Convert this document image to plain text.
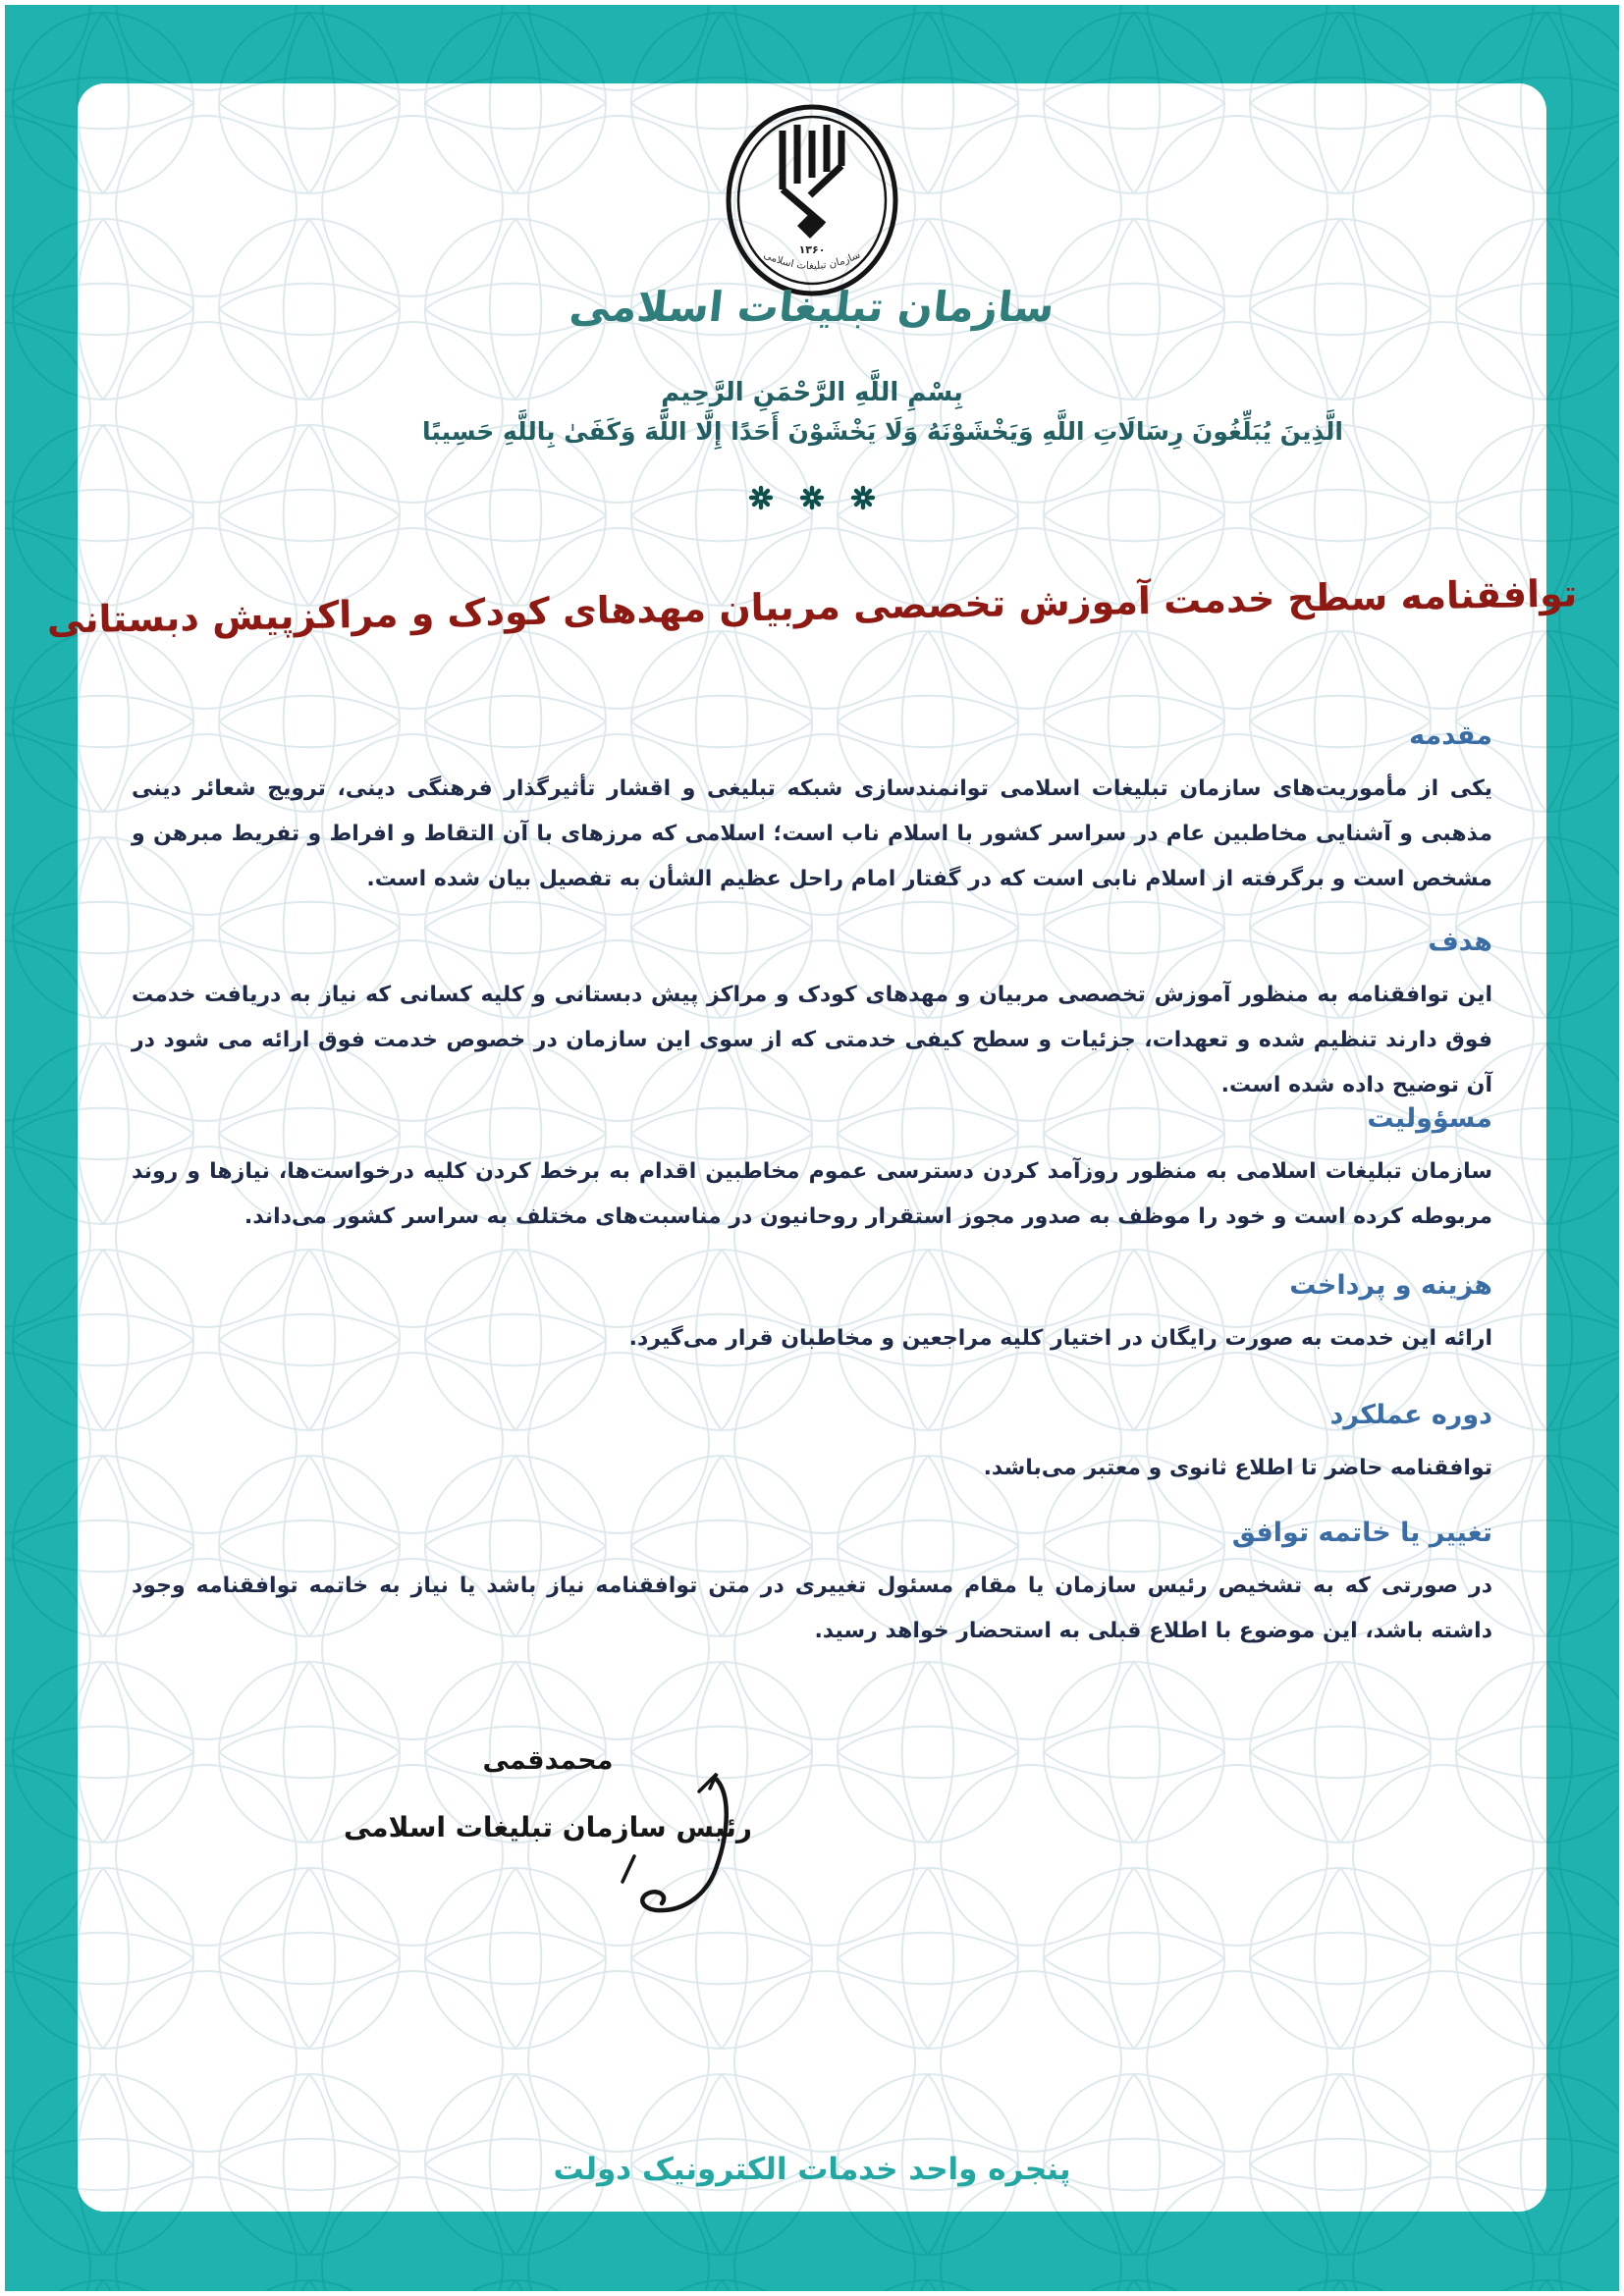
۱۳۶۰
سازمان تبلیغات اسلامی
سازمان تبلیغات اسلامی
بِسْمِ اللَّهِ الرَّحْمَنِ الرَّحِيمِ
الَّذِينَ يُبَلِّغُونَ رِسَالَاتِ اللَّهِ وَيَخْشَوْنَهُ وَلَا يَخْشَوْنَ أَحَدًا إِلَّا اللَّهَ وَكَفَىٰ بِاللَّهِ حَسِيبًا
توافقنامه سطح خدمت آموزش تخصصی مربیان مهدهای کودک و مراکزپیش دبستانی
مقدمه

یکی از مأموریت‌های سازمان تبلیغات اسلامی توانمندسازی شبکه تبلیغی و اقشار تأثیرگذار فرهنگی دینی، ترویج شعائر دینی مذهبی و آشنایی مخاطبین عام در سراسر کشور با اسلام ناب است؛ اسلامی که مرزهای با آن التقاط و افراط و تفریط مبرهن و مشخص است و برگرفته از اسلام نابی است که در گفتار امام راحل عظیم الشأن به تفصیل بیان شده است.

هدف

این توافقنامه به منظور آموزش تخصصی مربیان و مهدهای کودک و مراکز پیش دبستانی و کلیه کسانی که نیاز به دریافت خدمت فوق دارند تنظیم شده و تعهدات، جزئیات و سطح کیفی خدمتی که از سوی این سازمان در خصوص خدمت فوق ارائه می شود در آن توضیح داده شده است.

مسؤولیت

سازمان تبلیغات اسلامی به منظور روزآمد کردن دسترسی عموم مخاطبین اقدام به برخط کردن کلیه درخواست‌ها، نیازها و روند مربوطه کرده است و خود را موظف به صدور مجوز استقرار روحانیون در مناسبت‌های مختلف به سراسر کشور می‌داند.

هزینه و پرداخت

ارائه این خدمت به صورت رایگان در اختیار کلیه مراجعین و مخاطبان قرار می‌گیرد.

دوره عملکرد

توافقنامه حاضر تا اطلاع ثانوی و معتبر می‌باشد.

تغییر یا خاتمه توافق

در صورتی که به تشخیص رئیس سازمان یا مقام مسئول تغییری در متن توافقنامه نیاز باشد یا نیاز به خاتمه توافقنامه وجود داشته باشد، این موضوع با اطلاع قبلی به استحضار خواهد رسید.

محمدقمی
رئیس سازمان تبلیغات اسلامی
پنجره واحد خدمات الکترونیک دولت
